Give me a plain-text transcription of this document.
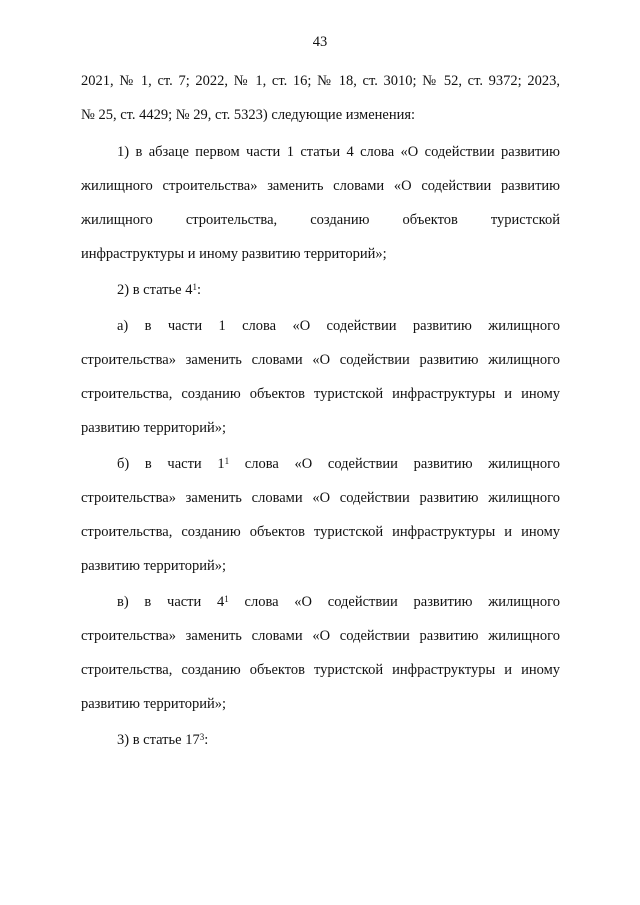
43
2021, № 1, ст. 7; 2022, № 1, ст. 16; № 18, ст. 3010; № 52, ст. 9372; 2023,
№ 25, ст. 4429; № 29, ст. 5323) следующие изменения:
1) в абзаце первом части 1 статьи 4 слова «О содействии развитию
жилищного строительства» заменить словами «О содействии развитию
жилищного строительства, созданию объектов туристской
инфраструктуры и иному развитию территорий»;
2) в статье $4^1$:
а) в части 1 слова «О содействии развитию жилищного
строительства» заменить словами «О содействии развитию жилищного
строительства, созданию объектов туристской инфраструктуры и иному
развитию территорий»;
б) в части $1^1$ слова «О содействии развитию жилищного
строительства» заменить словами «О содействии развитию жилищного
строительства, созданию объектов туристской инфраструктуры и иному
развитию территорий»;
в) в части $4^1$ слова «О содействии развитию жилищного
строительства» заменить словами «О содействии развитию жилищного
строительства, созданию объектов туристской инфраструктуры и иному
развитию территорий»;
3) в статье $17^3$:
